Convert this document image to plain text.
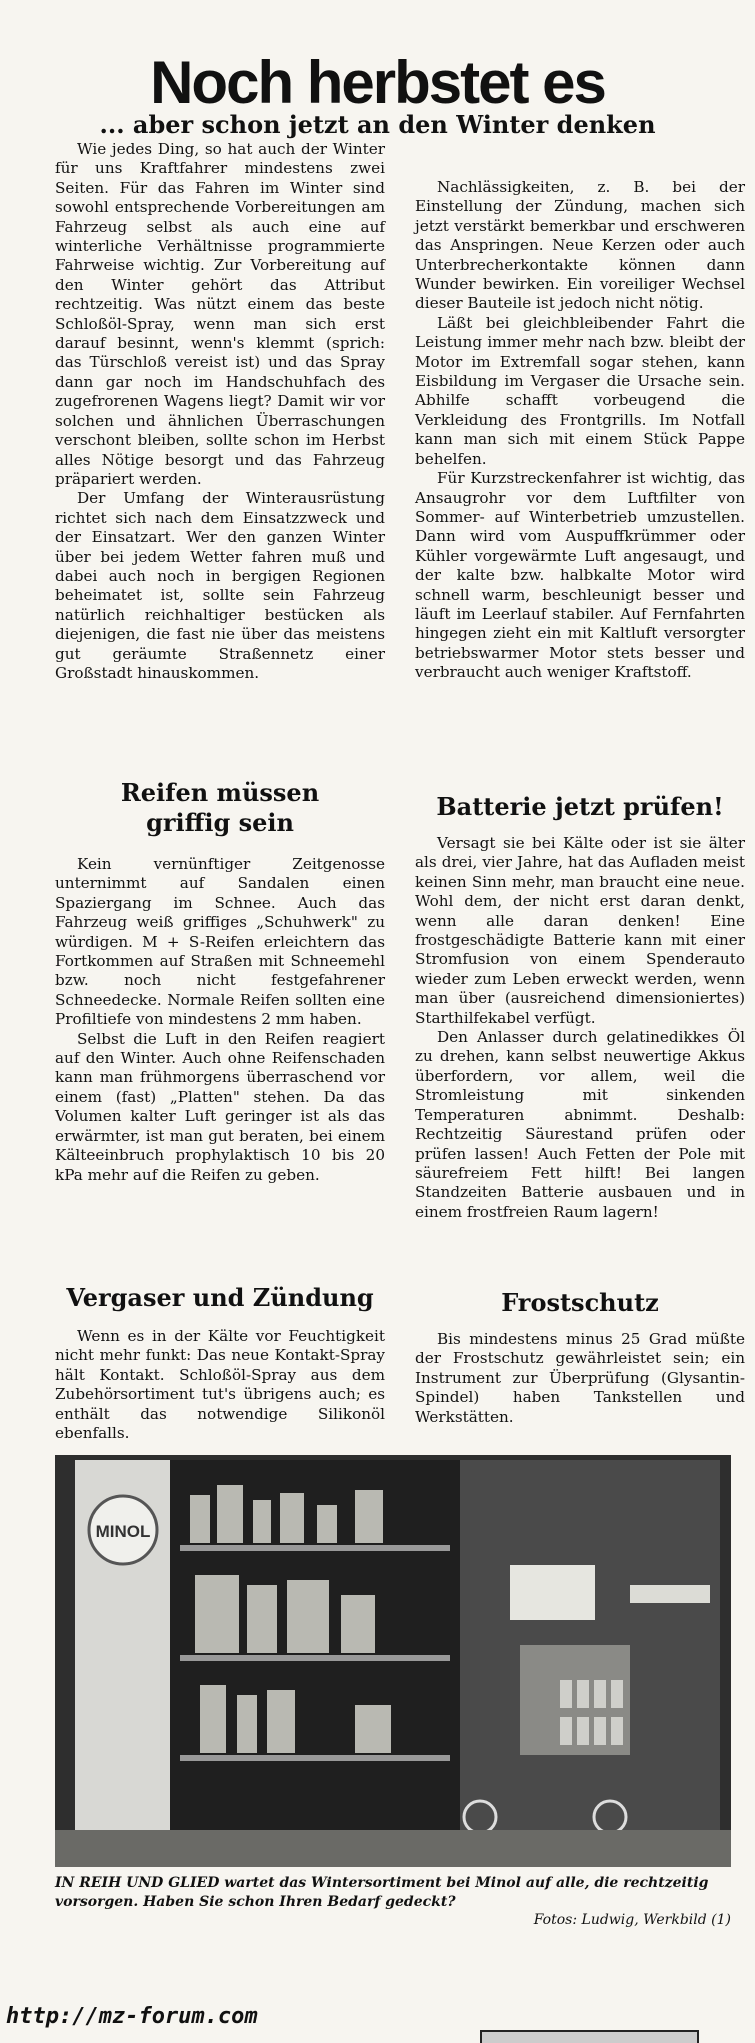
Noch herbstet es
... aber schon jetzt an den Winter denken

Wie jedes Ding, so hat auch der Winter für uns Kraftfahrer mindestens zwei Seiten. Für das Fahren im Winter sind sowohl entsprechende Vorbereitungen am Fahrzeug selbst als auch eine auf winterliche Verhältnisse programmierte Fahrweise wichtig. Zur Vorbereitung auf den Winter gehört das Attribut rechtzeitig. Was nützt einem das beste Schloßöl-Spray, wenn man sich erst darauf besinnt, wenn's klemmt (sprich: das Türschloß vereist ist) und das Spray dann gar noch im Handschuhfach des zugefrorenen Wagens liegt? Damit wir vor solchen und ähnlichen Überraschungen verschont bleiben, sollte schon im Herbst alles Nötige besorgt und das Fahrzeug präpariert werden.

Der Umfang der Winterausrüstung richtet sich nach dem Einsatzzweck und der Einsatzart. Wer den ganzen Winter über bei jedem Wetter fahren muß und dabei auch noch in bergigen Regionen beheimatet ist, sollte sein Fahrzeug natürlich reichhaltiger bestücken als diejenigen, die fast nie über das meistens gut geräumte Straßennetz einer Großstadt hinauskommen.

Reifen müssen griffig sein

Kein vernünftiger Zeitgenosse unternimmt auf Sandalen einen Spaziergang im Schnee. Auch das Fahrzeug weiß griffiges „Schuhwerk" zu würdigen. M + S-Reifen erleichtern das Fortkommen auf Straßen mit Schneemehl bzw. noch nicht festgefahrener Schneedecke. Normale Reifen sollten eine Profiltiefe von mindestens 2 mm haben.

Selbst die Luft in den Reifen reagiert auf den Winter. Auch ohne Reifenschaden kann man frühmorgens überraschend vor einem (fast) „Platten" stehen. Da das Volumen kalter Luft geringer ist als das erwärmter, ist man gut beraten, bei einem Kälteeinbruch prophylaktisch 10 bis 20 kPa mehr auf die Reifen zu geben.

Vergaser und Zündung

Wenn es in der Kälte vor Feuchtigkeit nicht mehr funkt: Das neue Kontakt-Spray hält Kontakt. Schloßöl-Spray aus dem Zubehörsortiment tut's übrigens auch; es enthält das notwendige Silikonöl ebenfalls.

Nachlässigkeiten, z. B. bei der Einstellung der Zündung, machen sich jetzt verstärkt bemerkbar und erschweren das Anspringen. Neue Kerzen oder auch Unterbrecherkontakte können dann Wunder bewirken. Ein voreiliger Wechsel dieser Bauteile ist jedoch nicht nötig.

Läßt bei gleichbleibender Fahrt die Leistung immer mehr nach bzw. bleibt der Motor im Extremfall sogar stehen, kann Eisbildung im Vergaser die Ursache sein. Abhilfe schafft vorbeugend die Verkleidung des Frontgrills. Im Notfall kann man sich mit einem Stück Pappe behelfen.

Für Kurzstreckenfahrer ist wichtig, das Ansaugrohr vor dem Luftfilter von Sommer- auf Winterbetrieb umzustellen. Dann wird vom Auspuffkrümmer oder Kühler vorgewärmte Luft angesaugt, und der kalte bzw. halbkalte Motor wird schnell warm, beschleunigt besser und läuft im Leerlauf stabiler. Auf Fernfahrten hingegen zieht ein mit Kaltluft versorgter betriebswarmer Motor stets besser und verbraucht auch weniger Kraftstoff.

Batterie jetzt prüfen!

Versagt sie bei Kälte oder ist sie älter als drei, vier Jahre, hat das Aufladen meist keinen Sinn mehr, man braucht eine neue. Wohl dem, der nicht erst daran denkt, wenn alle daran denken! Eine frostgeschädigte Batterie kann mit einer Stromfusion von einem Spenderauto wieder zum Leben erweckt werden, wenn man über (ausreichend dimensioniertes) Starthilfekabel verfügt.

Den Anlasser durch gelatinedikkes Öl zu drehen, kann selbst neuwertige Akkus überfordern, vor allem, weil die Stromleistung mit sinkenden Temperaturen abnimmt. Deshalb: Rechtzeitig Säurestand prüfen oder prüfen lassen! Auch Fetten der Pole mit säurefreiem Fett hilft! Bei langen Standzeiten Batterie ausbauen und in einem frostfreien Raum lagern!

Frostschutz

Bis mindestens minus 25 Grad müßte der Frostschutz gewährleistet sein; ein Instrument zur Überprüfung (Glysantin-Spindel) haben Tankstellen und Werkstätten.

MINOL

IN REIH UND GLIED wartet das Wintersortiment bei Minol auf alle, die rechtzeitig vorsorgen. Haben Sie schon Ihren Bedarf gedeckt?

Fotos: Ludwig, Werkbild (1)

http://mz-forum.com
